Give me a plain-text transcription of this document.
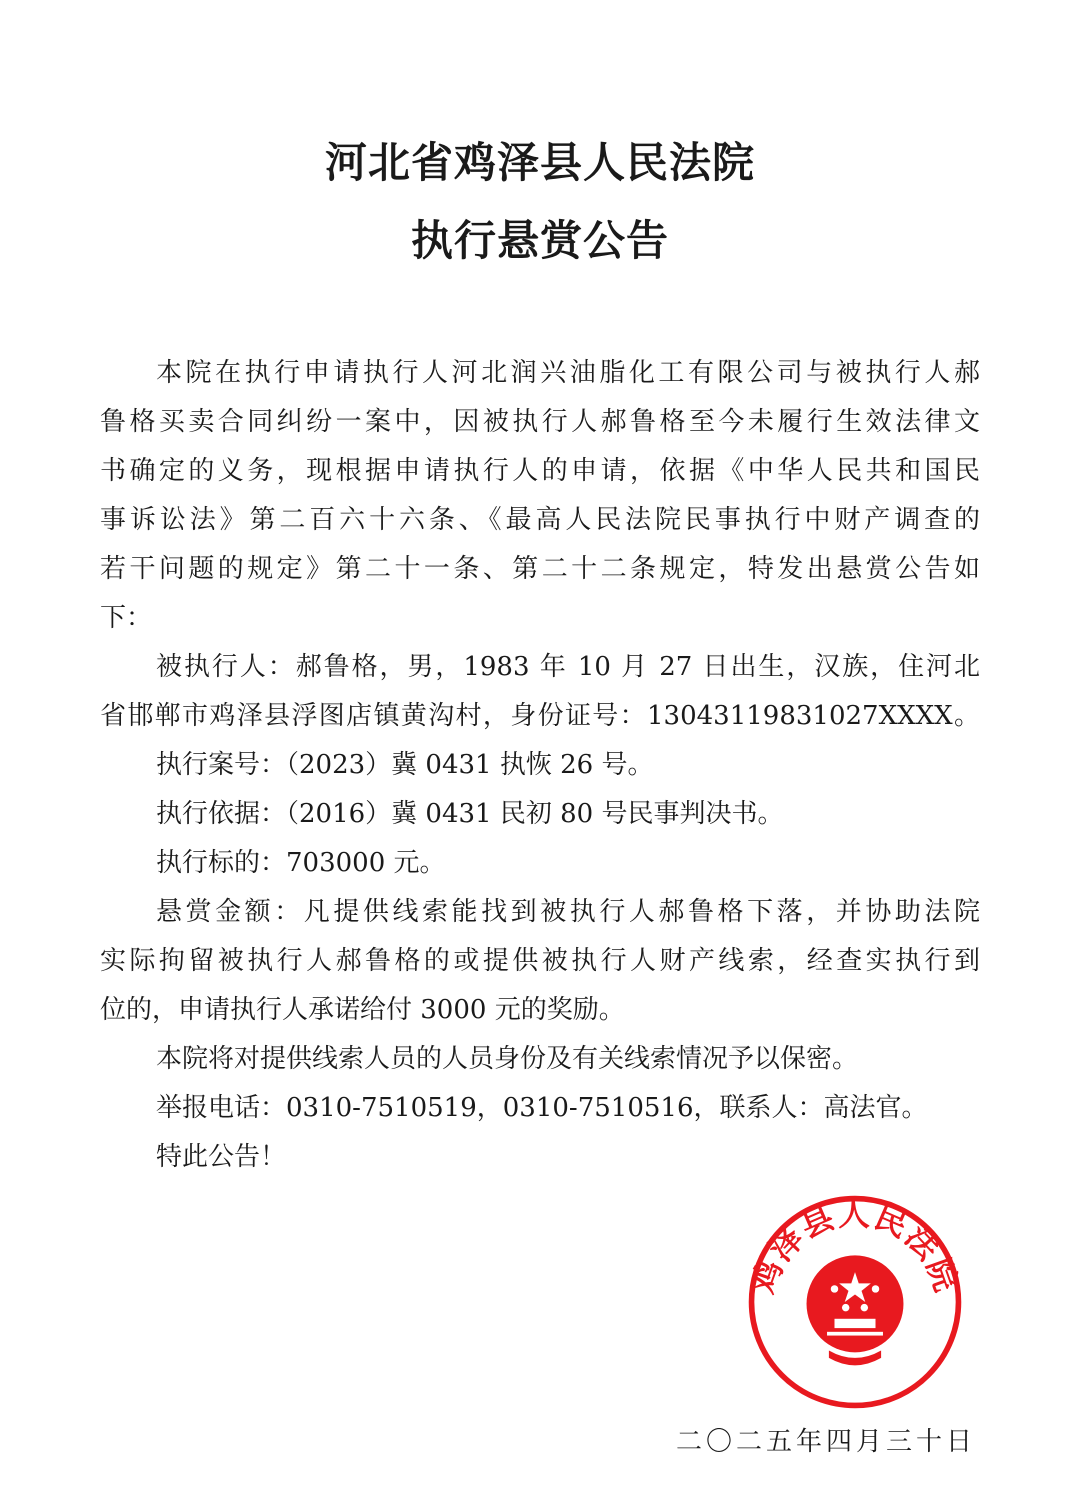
河北省鸡泽县人民法院
执行悬赏公告
本院在执行申请执行人河北润兴油脂化工有限公司与被执行人郝
鲁格买卖合同纠纷一案中，因被执行人郝鲁格至今未履行生效法律文
书确定的义务，现根据申请执行人的申请，依据《中华人民共和国民
事诉讼法》第二百六十六条、《最高人民法院民事执行中财产调查的
若干问题的规定》第二十一条、第二十二条规定，特发出悬赏公告如
下：
被执行人：郝鲁格，男，1983 年 10 月 27 日出生，汉族，住河北
省邯郸市鸡泽县浮图店镇黄沟村，身份证号：13043119831027XXXX。
执行案号：（2023）冀 0431 执恢 26 号。
执行依据：（2016）冀 0431 民初 80 号民事判决书。
执行标的：703000 元。
悬赏金额：凡提供线索能找到被执行人郝鲁格下落，并协助法院
实际拘留被执行人郝鲁格的或提供被执行人财产线索，经查实执行到
位的，申请执行人承诺给付 3000 元的奖励。
本院将对提供线索人员的人员身份及有关线索情况予以保密。
举报电话：0310-7510519，0310-7510516，联系人：高法官。
特此公告！
鸡泽县人民法院
二〇二五年四月三十日
